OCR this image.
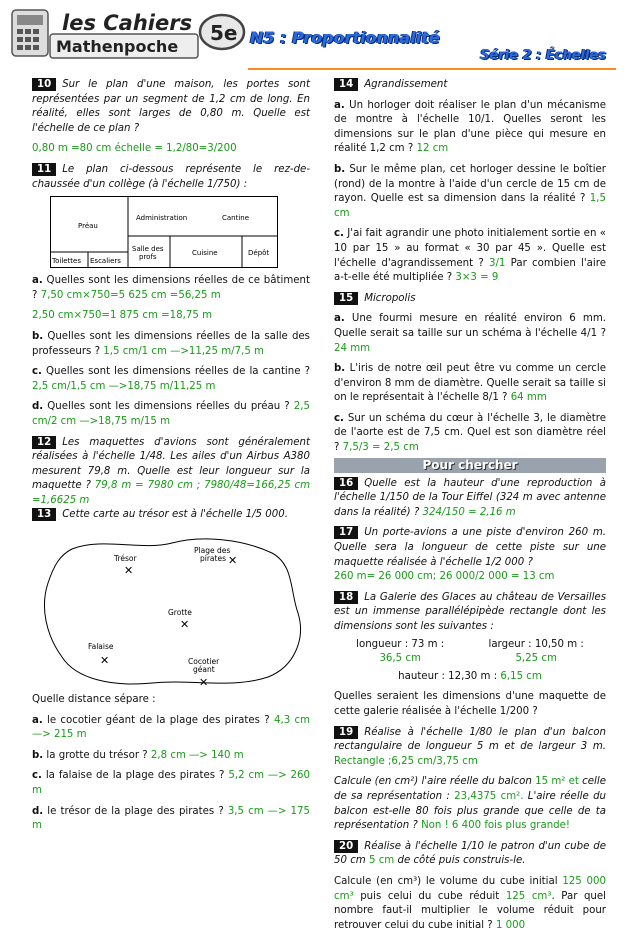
les Cahiers
Mathenpoche
5e N5 : Proportionnalité
Série 2 : Échelles

10 Sur le plan d'une maison, les portes sont représentées par un segment de 1,2 cm de long. En réalité, elles sont larges de 0,80 m. Quelle est l'échelle de ce plan ?

0,80 m =80 cm échelle = 1,2/80=3/200

11 Le plan ci-dessous représente le rez-de-chaussée d'un collège (à l'échelle 1/750) :

Préau
Administration	Cantine
Salle des
profs	Cuisine	Dépôt
Toilettes Escaliers

a. Quelles sont les dimensions réelles de ce bâtiment ? 7,50 cm×750=5 625 cm =56,25 m

2,50 cm×750=1 875 cm =18,75 m

b. Quelles sont les dimensions réelles de la salle des professeurs ? 1,5 cm/1 cm —>11,25 m/7,5 m

c. Quelles sont les dimensions réelles de la cantine ? 2,5 cm/1,5 cm —>18,75 m/11,25 m

d. Quelles sont les dimensions réelles du préau ? 2,5 cm/2 cm —>18,75 m/15 m

12 Les maquettes d'avions sont généralement réalisées à l'échelle 1/48. Les ailes d'un Airbus A380 mesurent 79,8 m. Quelle est leur longueur sur la maquette ? 79,8 m = 7980 cm ; 7980/48=166,25 cm =1,6625 m

13 Cette carte au trésor est à l'échelle 1/5 000.

Trésor
✕
Plage des
pirates ✕
Grotte
✕
Falaise
✕	Cocotier
géant
✕

Quelle distance sépare :

a. le cocotier géant de la plage des pirates ? 4,3 cm —> 215 m

b. la grotte du trésor ? 2,8 cm —> 140 m

c. la falaise de la plage des pirates ? 5,2 cm —> 260 m

d. le trésor de la plage des pirates ? 3,5 cm —> 175 m

14 Agrandissement

a. Un horloger doit réaliser le plan d'un mécanisme de montre à l'échelle 10/1. Quelles seront les dimensions sur le plan d'une pièce qui mesure en réalité 1,2 cm ? 12 cm

b. Sur le même plan, cet horloger dessine le boîtier (rond) de la montre à l'aide d'un cercle de 15 cm de rayon. Quelle est sa dimension dans la réalité ? 1,5 cm

c. J'ai fait agrandir une photo initialement sortie en « 10 par 15 » au format « 30 par 45 ». Quelle est l'échelle d'agrandissement ? 3/1 Par combien l'aire a-t-elle été multipliée ? 3×3 = 9

15 Micropolis

a. Une fourmi mesure en réalité environ 6 mm. Quelle serait sa taille sur un schéma à l'échelle 4/1 ? 24 mm

b. L'iris de notre œil peut être vu comme un cercle d'environ 8 mm de diamètre. Quelle serait sa taille si on le représentait à l'échelle 8/1 ? 64 mm

c. Sur un schéma du cœur à l'échelle 3, le diamètre de l'aorte est de 7,5 cm. Quel est son diamètre réel ? 7,5/3 = 2,5 cm

Pour chercher

16 Quelle est la hauteur d'une reproduction à l'échelle 1/150 de la Tour Eiffel (324 m avec antenne dans la réalité) ? 324/150 = 2,16 m

17 Un porte-avions a une piste d'environ 260 m. Quelle sera la longueur de cette piste sur une maquette réalisée à l'échelle 1/2 000 ?

260 m= 26 000 cm; 26 000/2 000 = 13 cm

18 La Galerie des Glaces au château de Versailles est un immense parallélépipède rectangle dont les dimensions sont les suivantes :

longueur : 73 m :

36,5 cm

largeur : 10,50 m :

5,25 cm

hauteur : 12,30 m : 6,15 cm

Quelles seraient les dimensions d'une maquette de cette galerie réalisée à l'échelle 1/200 ?

19 Réalise à l'échelle 1/80 le plan d'un balcon rectangulaire de longueur 5 m et de largeur 3 m. Rectangle ;6,25 cm/3,75 cm

Calcule (en cm²) l'aire réelle du balcon 15 m² et celle de sa représentation : 23,4375 cm². L'aire réelle du balcon est-elle 80 fois plus grande que celle de ta représentation ? Non ! 6 400 fois plus grande!

20 Réalise à l'échelle 1/10 le patron d'un cube de 50 cm 5 cm de côté puis construis-le.

Calcule (en cm³) le volume du cube initial 125 000 cm³ puis celui du cube réduit 125 cm³. Par quel nombre faut-il multiplier le volume réduit pour retrouver celui du cube initial ? 1 000
